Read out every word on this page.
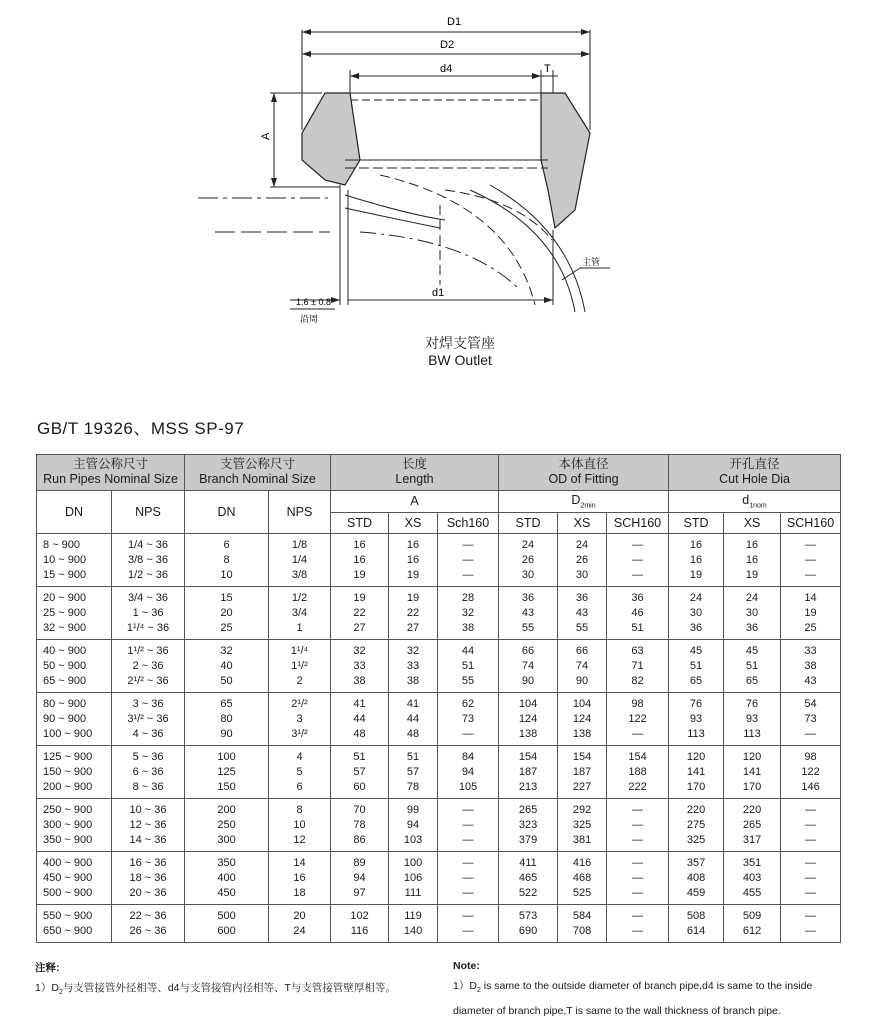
D1
D2
d4	T
A
d1
1.6 ± 0.8
沿周
主管
对焊支管座
BW Outlet
GB/T 19326、MSS SP-97
主管公称尺寸
Run Pipes Nominal Size		支管公称尺寸
Branch Nominal Size		长度
Length			本体直径
OD of Fitting			开孔直径
Cut Hole Dia		
DN	NPS	DN	NPS	A			$D_{2min}$			$d_{1nom}$
				STD	XS	Sch160	STD	XS	SCH160	STD	XS	SCH160
8 ~ 900	1/4 ~ 36	6	1/8	16	16	—	24	24	—	16	16	—
10 ~ 900	3/8 ~ 36	8	1/4	16	16	—	26	26	—	16	16	—
15 ~ 900	1/2 ~ 36	10	3/8	19	19	—	30	30	—	19	19	—
20 ~ 900	3/4 ~ 36	15	1/2	19	19	28	36	36	36	24	24	14
25 ~ 900	1 ~ 36	20	3/4	22	22	32	43	43	46	30	30	19
32 ~ 900	1¹/⁴ ~ 36	25	1	27	27	38	55	55	51	36	36	25
40 ~ 900	1¹/² ~ 36	32	1¹/⁴	32	32	44	66	66	63	45	45	33
50 ~ 900	2 ~ 36	40	1¹/²	33	33	51	74	74	71	51	51	38
65 ~ 900	2¹/² ~ 36	50	2	38	38	55	90	90	82	65	65	43
80 ~ 900	3 ~ 36	65	2¹/²	41	41	62	104	104	98	76	76	54
90 ~ 900	3¹/² ~ 36	80	3	44	44	73	124	124	122	93	93	73
100 ~ 900	4 ~ 36	90	3¹/²	48	48	—	138	138	—	113	113	—
125 ~ 900	5 ~ 36	100	4	51	51	84	154	154	154	120	120	98
150 ~ 900	6 ~ 36	125	5	57	57	94	187	187	188	141	141	122
200 ~ 900	8 ~ 36	150	6	60	78	105	213	227	222	170	170	146
250 ~ 900	10 ~ 36	200	8	70	99	—	265	292	—	220	220	—
300 ~ 900	12 ~ 36	250	10	78	94	—	323	325	—	275	265	—
350 ~ 900	14 ~ 36	300	12	86	103	—	379	381	—	325	317	—
400 ~ 900	16 ~ 36	350	14	89	100	—	411	416	—	357	351	—
450 ~ 900	18 ~ 36	400	16	94	106	—	465	468	—	408	403	—
500 ~ 900	20 ~ 36	450	18	97	111	—	522	525	—	459	455	—
550 ~ 900	22 ~ 36	500	20	102	119	—	573	584	—	508	509	—
650 ~ 900	26 ~ 36	600	24	116	140	—	690	708	—	614	612	—
注释:
$1)D_2$与支管接管外径相等、d4与支管接管内径相等、T与支管接管壁厚相等。
Note:
$1)D_2$ is same to the outside diameter of branch pipe,d4 is same to the inside
diameter of branch pipe,T is same to the wall thickness of branch pipe.
